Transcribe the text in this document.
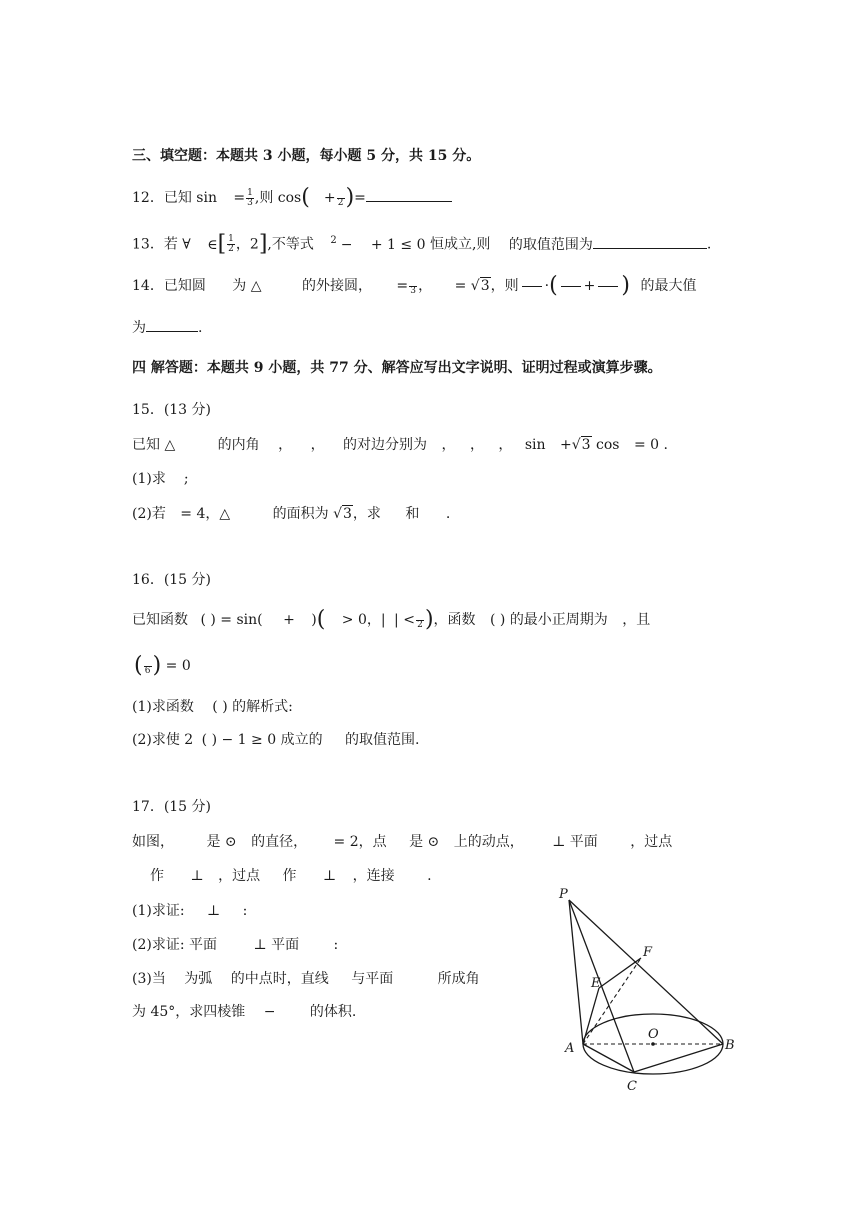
三、填空题：本题共 3 小题，每小题 5 分，共 15 分。
12．已知 $\sin = \frac{1}{3}$ ,则 cos( + 2 )=
13．若 ∀ ∈[ $\frac{1}{2}$ ，2],不等式 $^2$ − + 1 ≤ 0 恒成立,则 的取值范围为	.
14．已知圆 为 △	的外接圆， = 3 ， = √3，则 ·( + ) 的最大值
为	.
四 解答题：本题共 9 小题，共 77 分、解答应写出文字说明、证明过程或演算步骤。
15．(13 分)
已知 △	的内角 ， ， 的对边分别为 ， ， ， sin +√3 cos = 0 .
(1)求 ;
(2)若 = 4，△	的面积为 √3，求 和 .
16．(15 分)
已知函数 ( ) = sin( + )( > 0，| | < 2 )，函数 ( ) 的最小正周期为 ，且
( 6 ) = 0
(1)求函数 ( ) 的解析式:
(2)求使 2 ( ) − 1 ≥ 0 成立的 的取值范围.
17．(15 分)
如图， 是 ⊙ 的直径， = 2，点 是 ⊙ 上的动点， ⊥ 平面 ，过点
作 ⊥ ，过点 作 ⊥ ，连接 .
(1)求证: ⊥ :
(2)求证: 平面	⊥ 平面 :
(3)当 为弧 的中点时，直线 与平面	所成角
为 45°，求四棱锥 − 的体积.
P
F
E
O
A	B
C
